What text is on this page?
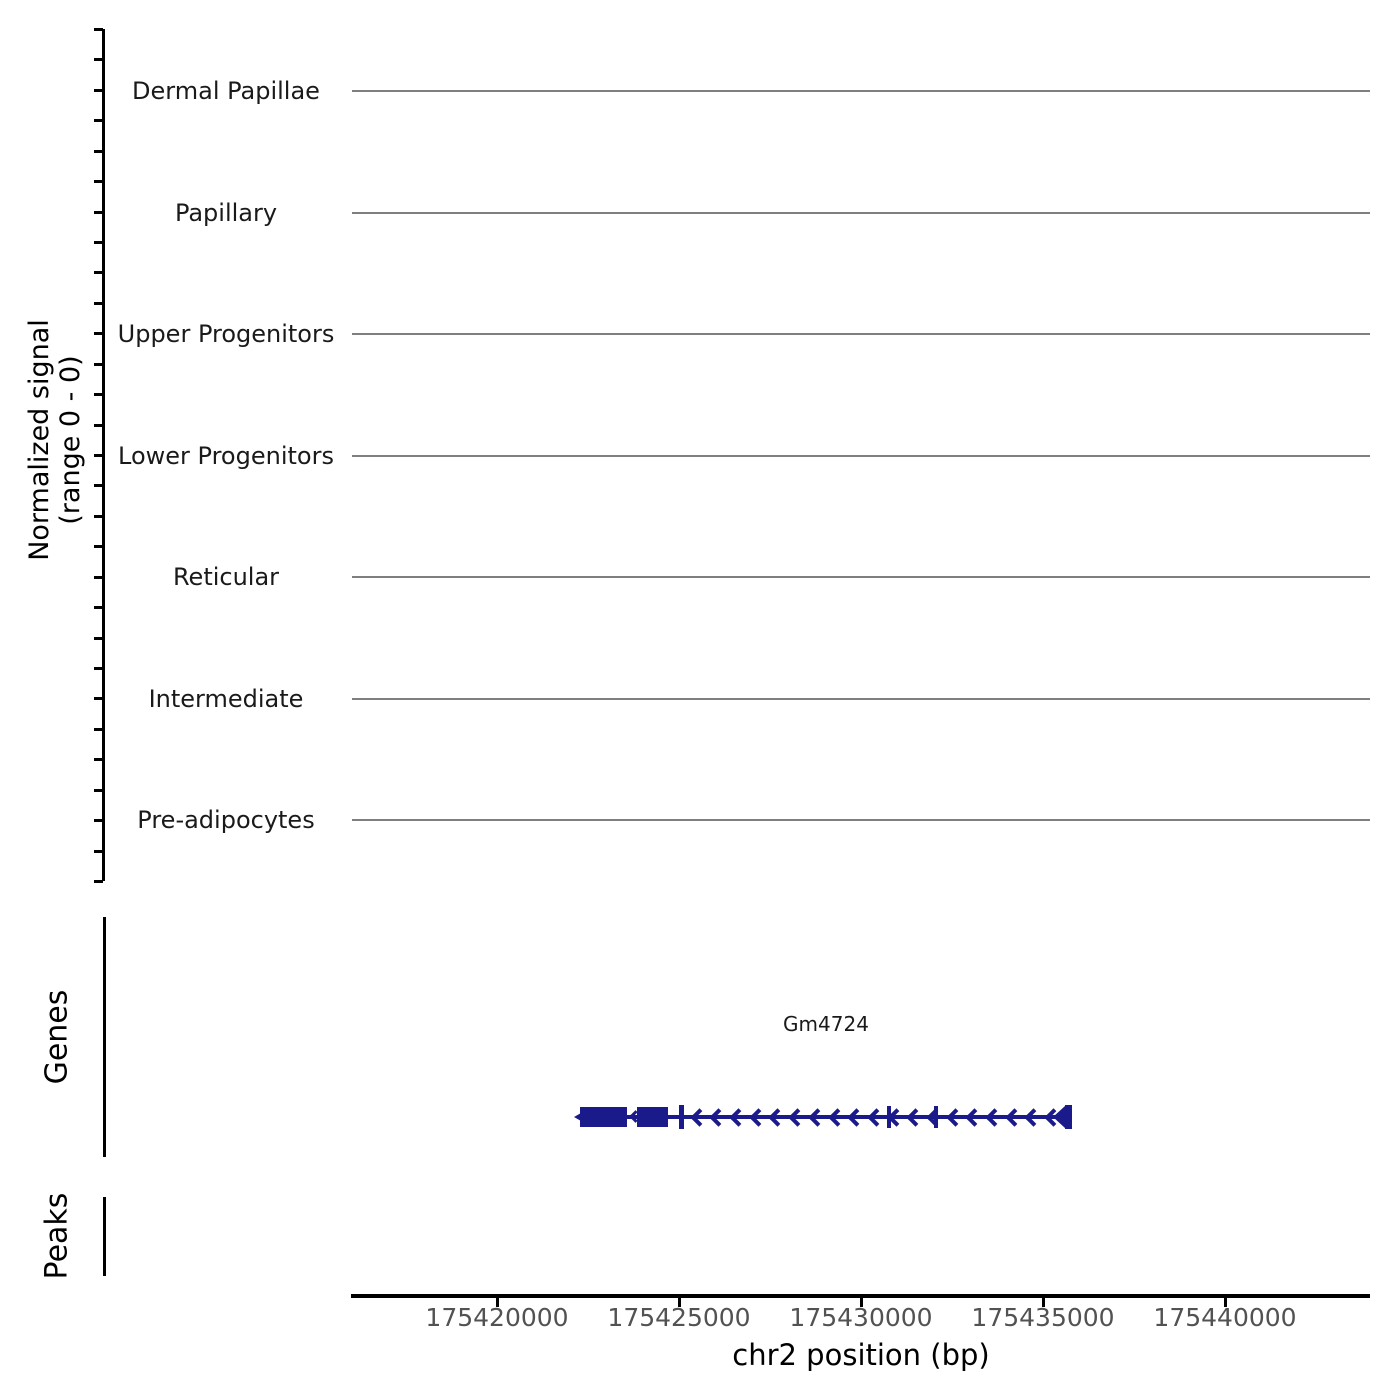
Normalized signal (range 0 - 0)
Dermal Papillae
Papillary
Upper Progenitors
Lower Progenitors
Reticular
Intermediate
Pre-adipocytes
Genes	Gm4724
Peaks
175420000	175425000	175430000	175435000	175440000
chr2 position (bp)
